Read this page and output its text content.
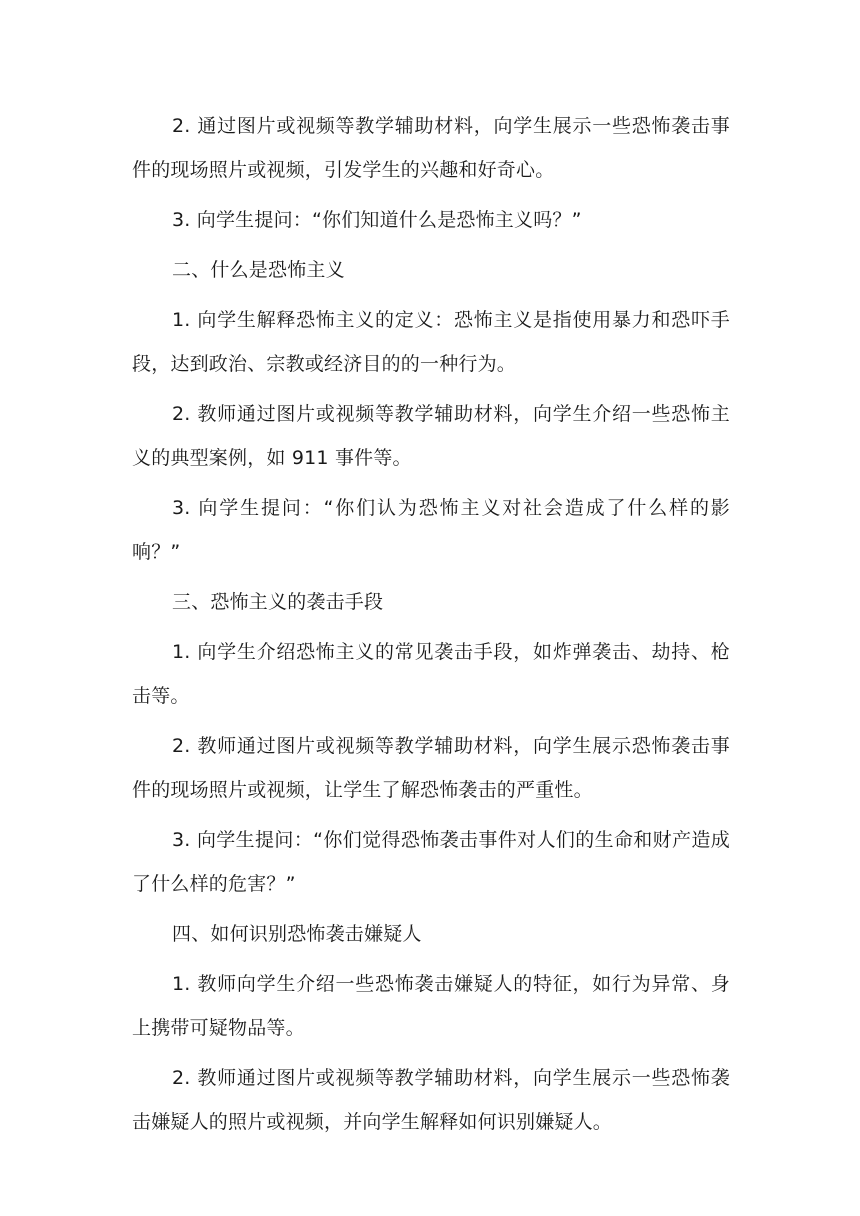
2. 通过图片或视频等教学辅助材料，向学生展示一些恐怖袭击事件的现场照片或视频，引发学生的兴趣和好奇心。

3. 向学生提问：“你们知道什么是恐怖主义吗？”

二、什么是恐怖主义

1. 向学生解释恐怖主义的定义：恐怖主义是指使用暴力和恐吓手段，达到政治、宗教或经济目的的一种行为。

2. 教师通过图片或视频等教学辅助材料，向学生介绍一些恐怖主义的典型案例，如 911 事件等。

3. 向学生提问：“你们认为恐怖主义对社会造成了什么样的影响？”

三、恐怖主义的袭击手段

1. 向学生介绍恐怖主义的常见袭击手段，如炸弹袭击、劫持、枪击等。

2. 教师通过图片或视频等教学辅助材料，向学生展示恐怖袭击事件的现场照片或视频，让学生了解恐怖袭击的严重性。

3. 向学生提问：“你们觉得恐怖袭击事件对人们的生命和财产造成了什么样的危害？”

四、如何识别恐怖袭击嫌疑人

1. 教师向学生介绍一些恐怖袭击嫌疑人的特征，如行为异常、身上携带可疑物品等。

2. 教师通过图片或视频等教学辅助材料，向学生展示一些恐怖袭击嫌疑人的照片或视频，并向学生解释如何识别嫌疑人。
